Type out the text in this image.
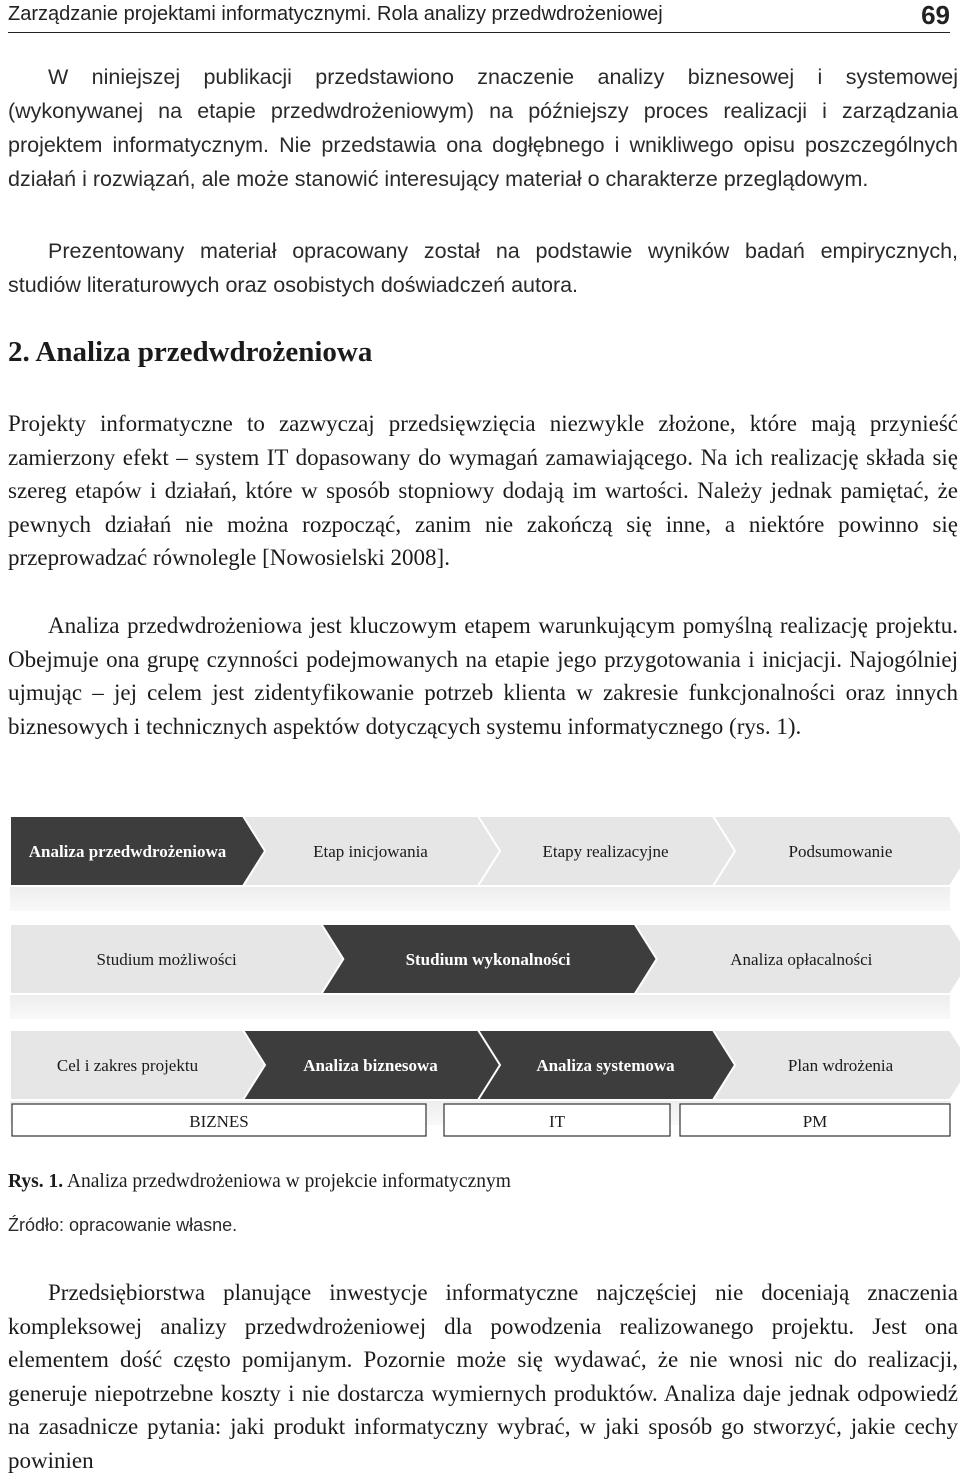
Zarządzanie projektami informatycznymi. Rola analizy przedwdrożeniowej	69

W niniejszej publikacji przedstawiono znaczenie analizy biznesowej i systemowej (wykonywanej na etapie przedwdrożeniowym) na późniejszy proces realizacji i zarządzania projektem informatycznym. Nie przedstawia ona dogłębnego i wnikliwego opisu poszczególnych działań i rozwiązań, ale może stanowić interesujący materiał o charakterze przeglądowym.

Prezentowany materiał opracowany został na podstawie wyników badań empirycznych, studiów literaturowych oraz osobistych doświadczeń autora.

2. Analiza przedwdrożeniowa

Projekty informatyczne to zazwyczaj przedsięwzięcia niezwykle złożone, które mają przynieść zamierzony efekt – system IT dopasowany do wymagań zamawiającego. Na ich realizację składa się szereg etapów i działań, które w sposób stopniowy dodają im wartości. Należy jednak pamiętać, że pewnych działań nie można rozpocząć, zanim nie zakończą się inne, a niektóre powinno się przeprowadzać równolegle [Nowosielski 2008].

Analiza przedwdrożeniowa jest kluczowym etapem warunkującym pomyślną realizację projektu. Obejmuje ona grupę czynności podejmowanych na etapie jego przygotowania i inicjacji. Najogólniej ujmując – jej celem jest zidentyfikowanie potrzeb klienta w zakresie funkcjonalności oraz innych biznesowych i technicznych aspektów dotyczących systemu informatycznego (rys. 1).

Analiza przedwdrożeniowa	Etap inicjowania	Etapy realizacyjne	Podsumowanie
Studium możliwości	Studium wykonalności	Analiza opłacalności
Cel i zakres projektu	Analiza biznesowa	Analiza systemowa	Plan wdrożenia
BIZNES	IT	PM

Rys. 1. Analiza przedwdrożeniowa w projekcie informatycznym

Źródło: opracowanie własne.

Przedsiębiorstwa planujące inwestycje informatyczne najczęściej nie doceniają znaczenia kompleksowej analizy przedwdrożeniowej dla powodzenia realizowanego projektu. Jest ona elementem dość często pomijanym. Pozornie może się wydawać, że nie wnosi nic do realizacji, generuje niepotrzebne koszty i nie dostarcza wymiernych produktów. Analiza daje jednak odpowiedź na zasadnicze pytania: jaki produkt informatyczny wybrać, w jaki sposób go stworzyć, jakie cechy powinien
